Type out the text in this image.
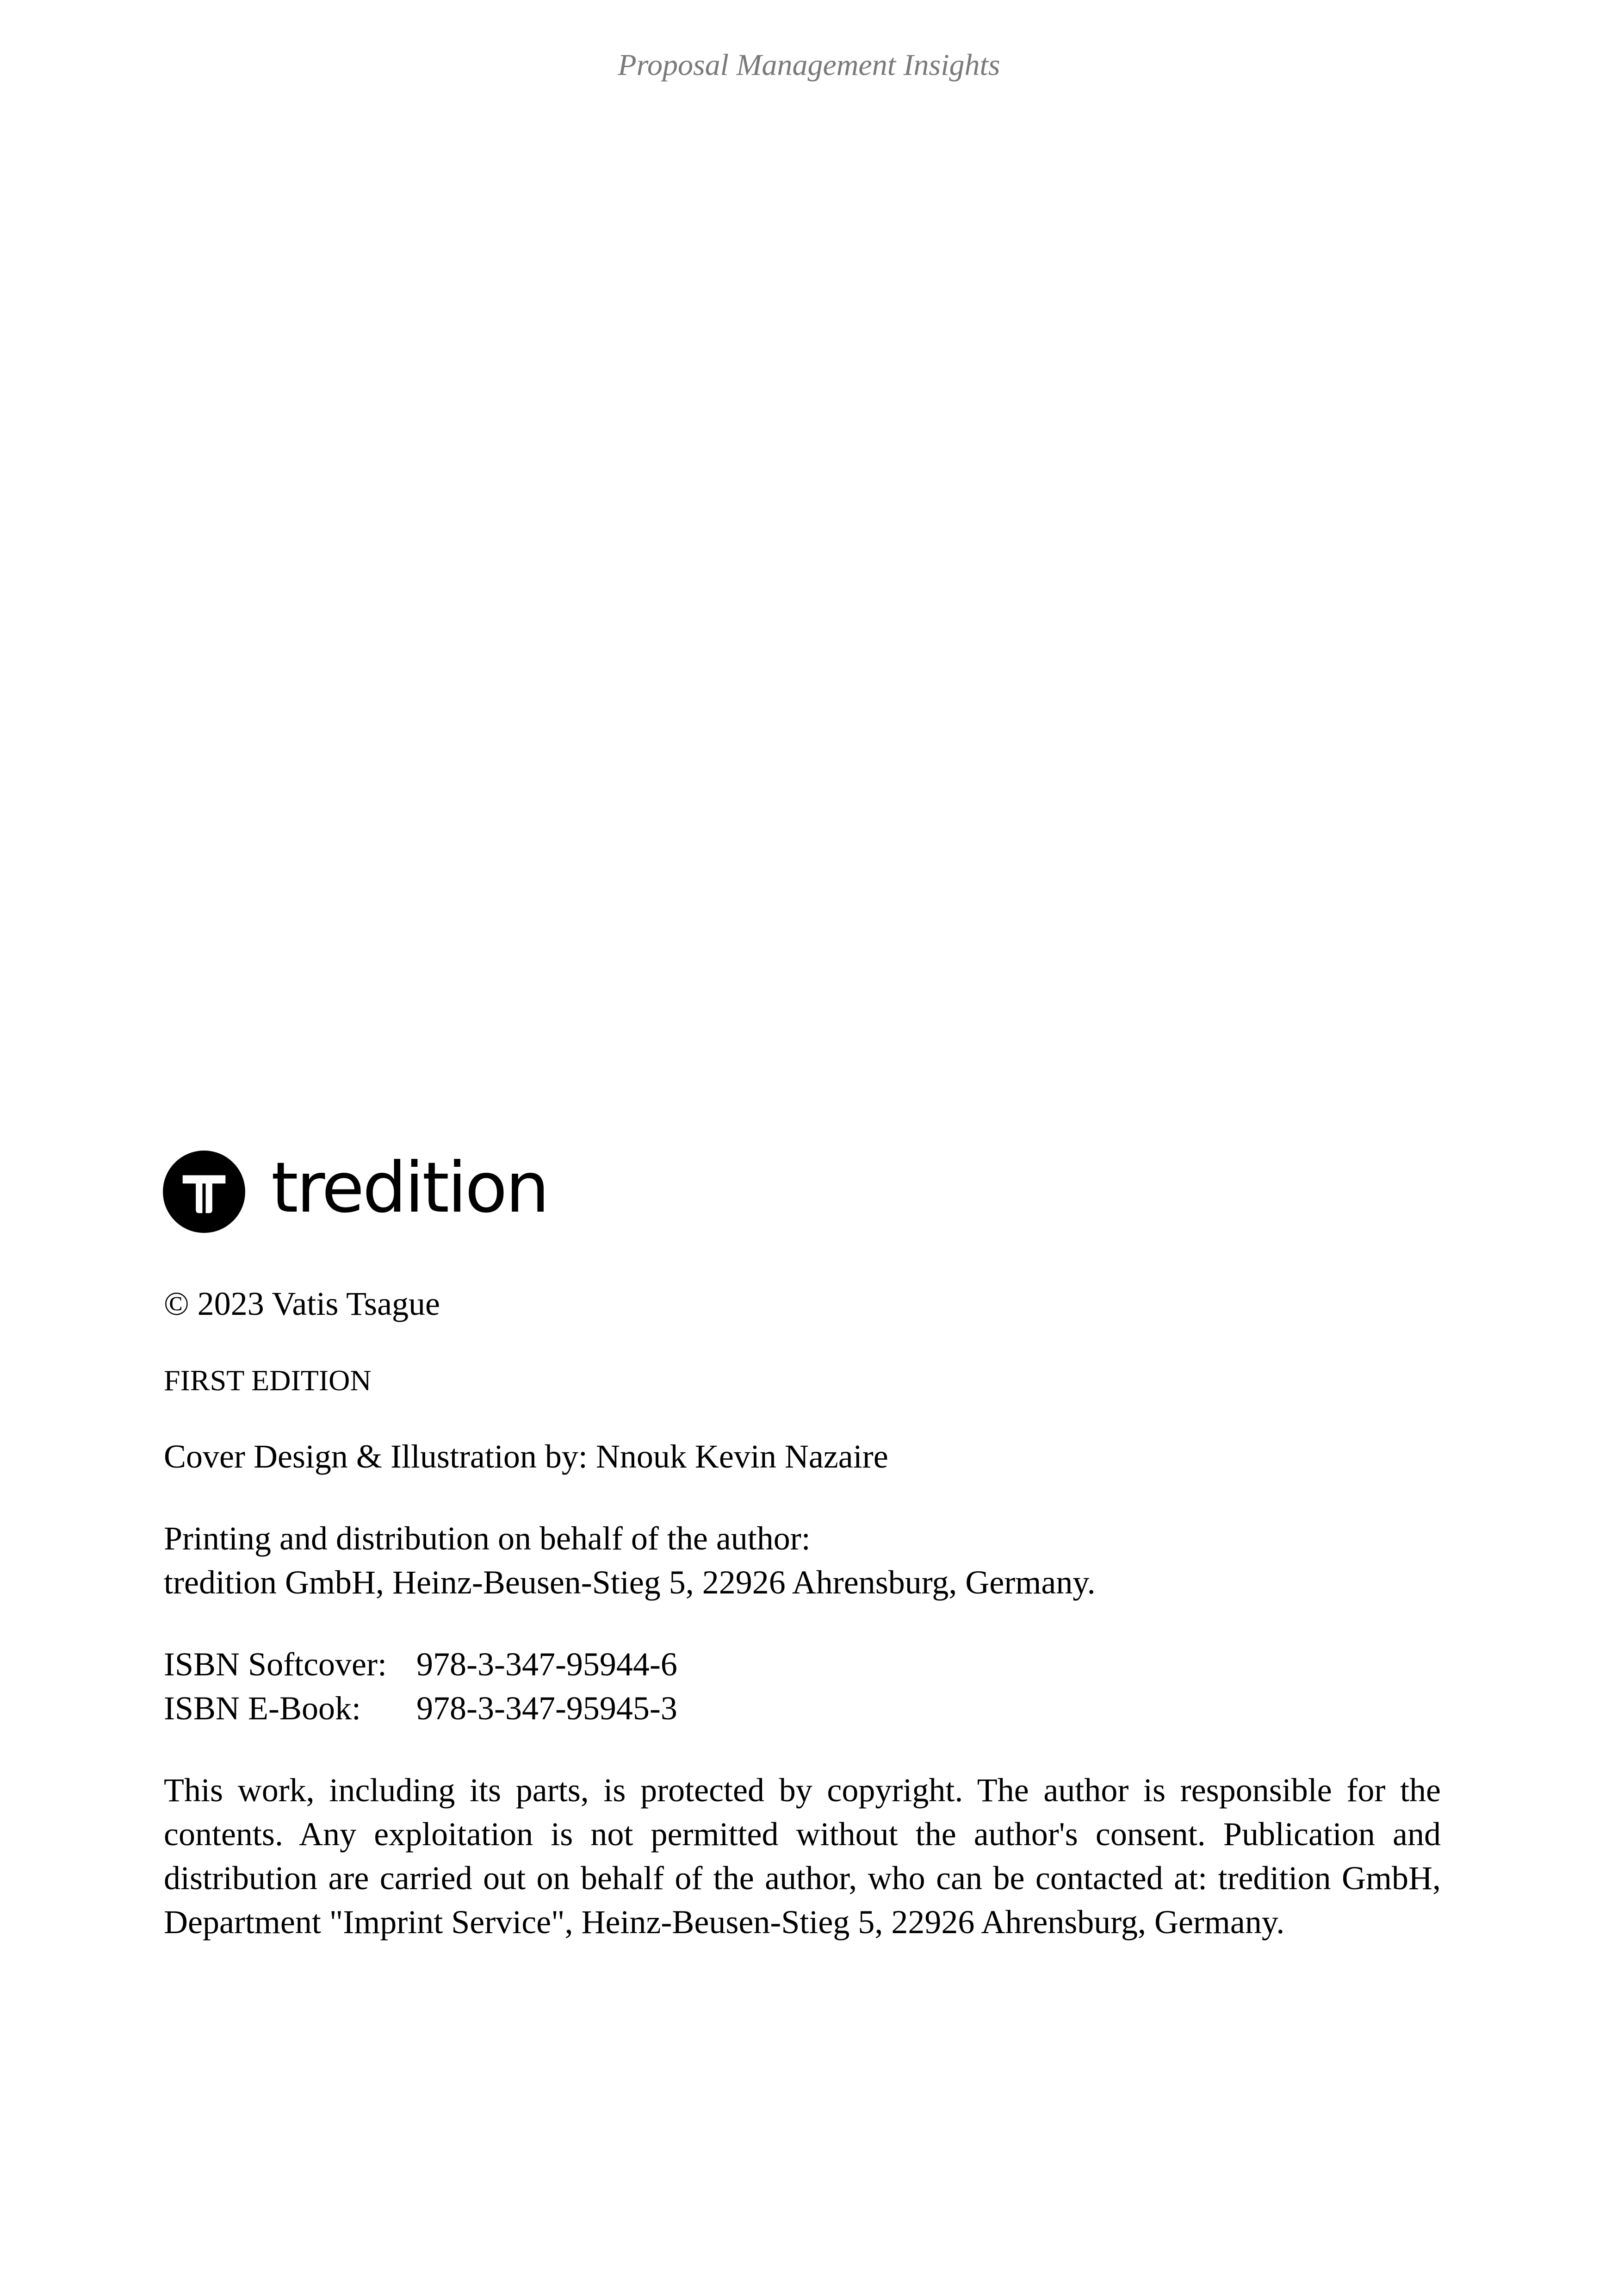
Proposal Management Insights
tredition
© 2023 Vatis Tsague
FIRST EDITION
Cover Design & Illustration by: Nnouk Kevin Nazaire
Printing and distribution on behalf of the author:
tredition GmbH, Heinz-Beusen-Stieg 5, 22926 Ahrensburg, Germany.
ISBN Softcover: 978-3-347-95944-6
ISBN E-Book: 978-3-347-95945-3
This work, including its parts, is protected by copyright. The author is responsible for the contents. Any exploitation is not permitted without the author's consent. Publication and distribution are carried out on behalf of the author, who can be contacted at: tredition GmbH, Department "Imprint Service", Heinz-Beusen-Stieg 5, 22926 Ahrensburg, Germany.
